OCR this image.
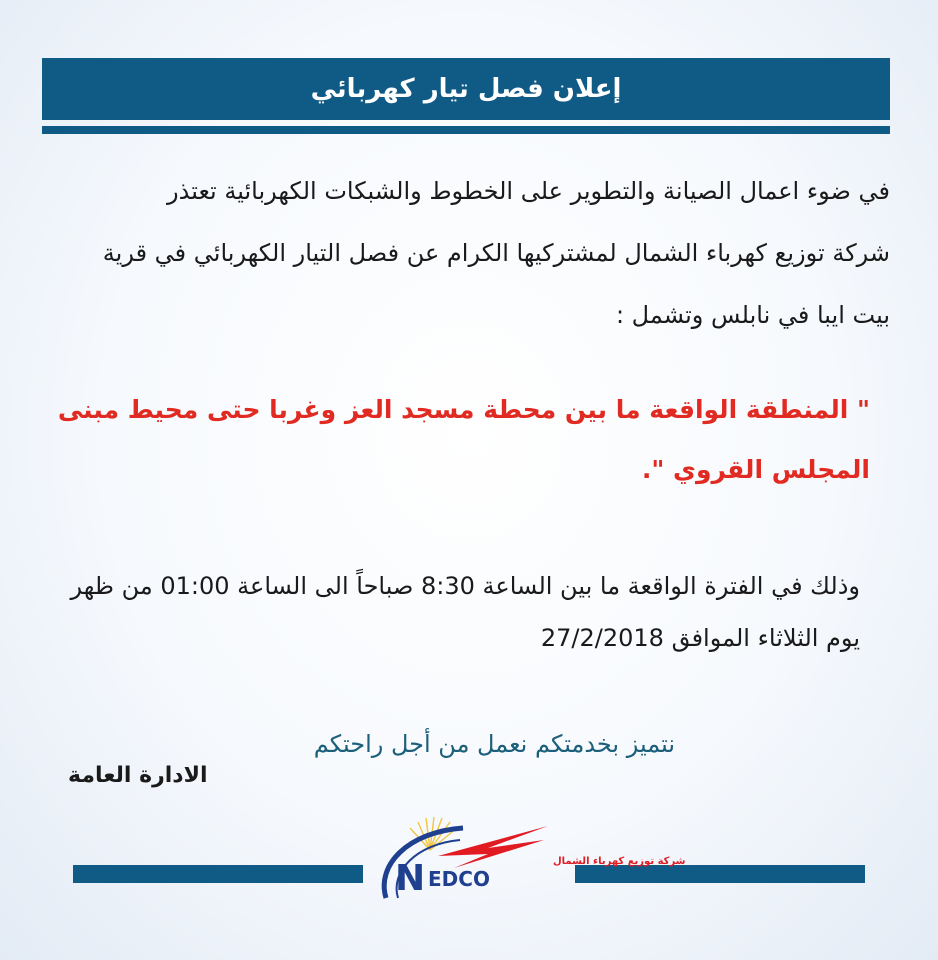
إعلان فصل تيار كهربائي
في ضوء اعمال الصيانة والتطوير على الخطوط والشبكات الكهربائية تعتذر
شركة توزيع كهرباء الشمال لمشتركيها الكرام عن فصل التيار الكهربائي في قرية
بيت ايبا في نابلس وتشمل :
" المنطقة الواقعة ما بين محطة مسجد العز وغربا حتى محيط مبنى
المجلس القروي ".
وذلك في الفترة الواقعة ما بين الساعة 8:30 صباحاً الى الساعة 01:00 من ظهر
يوم الثلاثاء الموافق 27/2/2018
نتميز بخدمتكم نعمل من أجل راحتكم
الادارة العامة
شركة توزيع كهرباء الشمال
N EDCO
